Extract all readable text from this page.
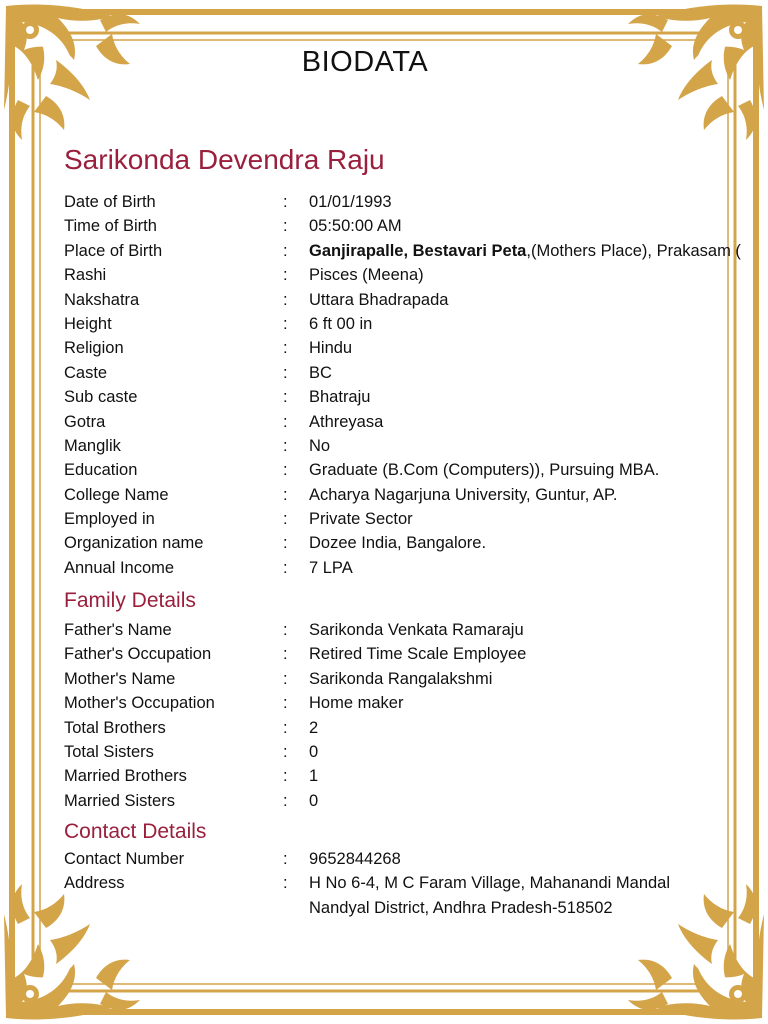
BIODATA
Sarikonda Devendra Raju
Date of Birth	: 01/01/1993
Time of Birth	: 05:50:00 AM
Place of Birth	: Ganjirapalle, Bestavari Peta,(Mothers Place), Prakasam (
Rashi	: Pisces (Meena)
Nakshatra	: Uttara Bhadrapada
Height	: 6 ft 00 in
Religion	: Hindu
Caste	: BC
Sub caste	: Bhatraju
Gotra	: Athreyasa
Manglik	: No
Education	: Graduate (B.Com (Computers)), Pursuing MBA.
College Name	: Acharya Nagarjuna University, Guntur, AP.
Employed in	: Private Sector
Organization name	: Dozee India, Bangalore.
Annual Income	: 7 LPA
Family Details
Father's Name	: Sarikonda Venkata Ramaraju
Father's Occupation	: Retired Time Scale Employee
Mother's Name	: Sarikonda Rangalakshmi
Mother's Occupation	: Home maker
Total Brothers	: 2
Total Sisters	: 0
Married Brothers	: 1
Married Sisters	: 0
Contact Details
Contact Number	: 9652844268
Address	: H No 6-4, M C Faram Village, Mahanandi Mandal
Nandyal District, Andhra Pradesh-518502
